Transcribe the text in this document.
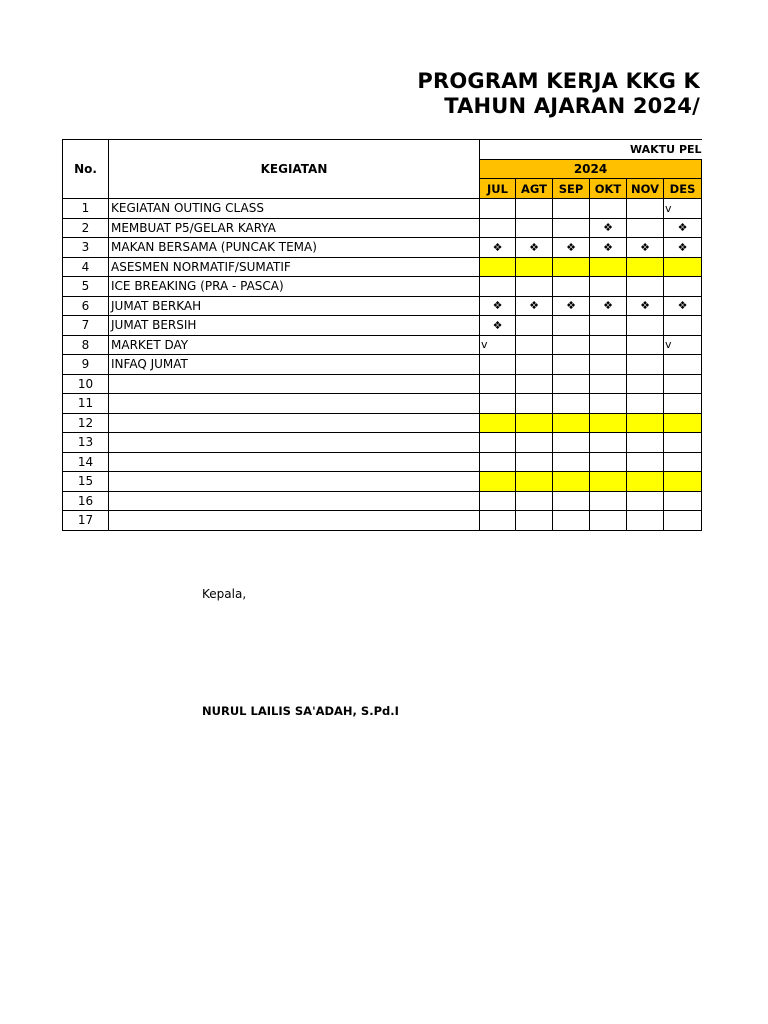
PROGRAM KERJA KKG K
TAHUN AJARAN 2024/
No.	KEGIATAN	WAKTU PEL					
		2024					
		JUL	AGT	SEP	OKT	NOV	DES
1	KEGIATAN OUTING CLASS						v
2	MEMBUAT P5/GELAR KARYA				❖		❖
3	MAKAN BERSAMA (PUNCAK TEMA)	❖	❖	❖	❖	❖	❖
4	ASESMEN NORMATIF/SUMATIF						
5	ICE BREAKING (PRA - PASCA)						
6	JUMAT BERKAH	❖	❖	❖	❖	❖	❖
7	JUMAT BERSIH	❖					
8	MARKET DAY	v					v
9	INFAQ JUMAT						
10							
11							
12							
13							
14							
15							
16							
17							
Kepala,
NURUL LAILIS SA'ADAH, S.Pd.I
